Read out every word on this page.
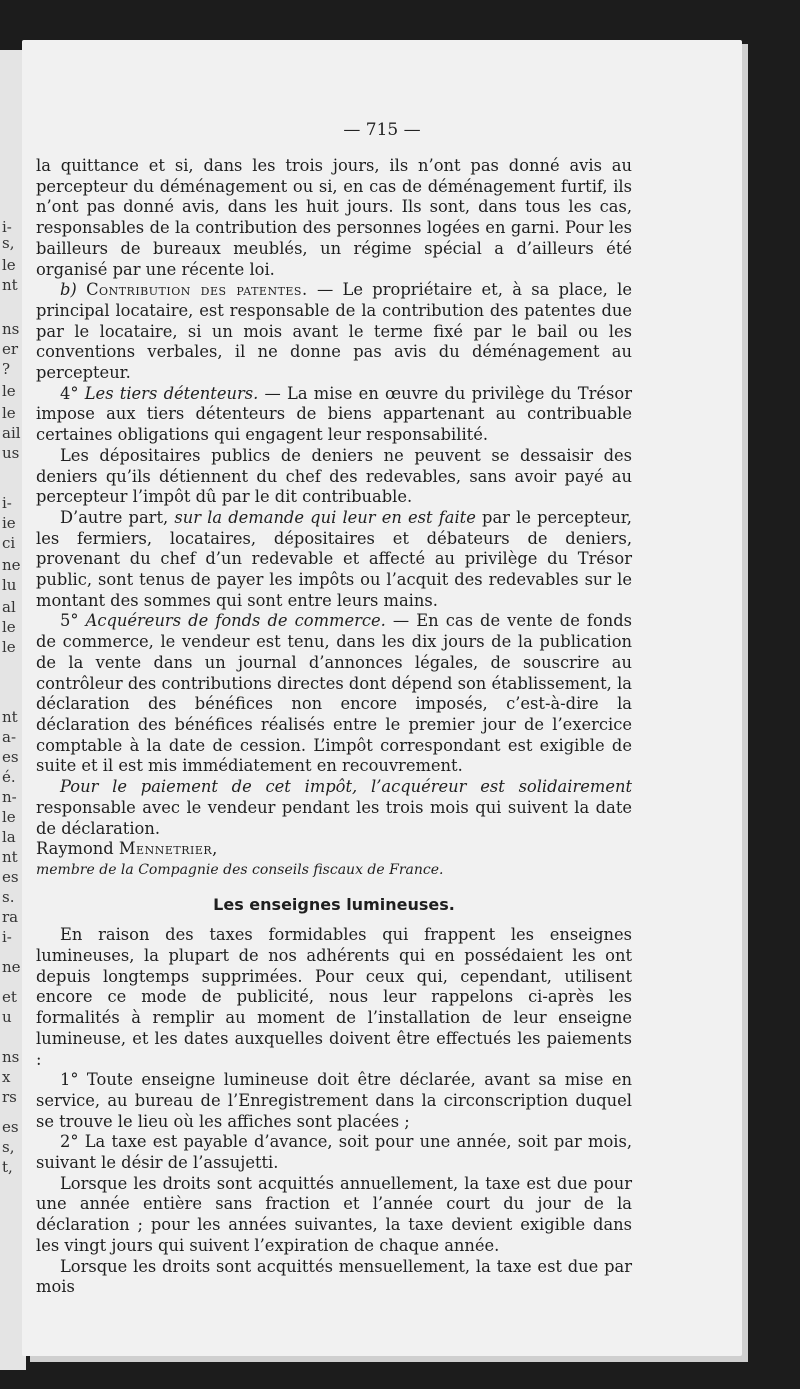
i-
s,
le
nt
ns
er
?
le
le
ail
us
i-
ie
ci
ne
lu
al
le
le
nt
a-
es
é.
n-
le
la
nt
es
s.
ra
i-
ne
et
u
ns
x
rs
es
s,
t,
— 715 —

la quittance et si, dans les trois jours, ils n’ont pas donné avis au percepteur du déménagement ou si, en cas de déménagement furtif, ils n’ont pas donné avis, dans les huit jours. Ils sont, dans tous les cas, responsables de la contribution des personnes logées en garni. Pour les bailleurs de bureaux meublés, un régime spécial a d’ailleurs été organisé par une récente loi.

b) Contribution des patentes. — Le propriétaire et, à sa place, le principal locataire, est responsable de la contribution des patentes due par le locataire, si un mois avant le terme fixé par le bail ou les conventions verbales, il ne donne pas avis du déménagement au percepteur.

4° Les tiers détenteurs. — La mise en œuvre du privilège du Trésor impose aux tiers détenteurs de biens appartenant au contribuable certaines obligations qui engagent leur responsabilité.

Les dépositaires publics de deniers ne peuvent se dessaisir des deniers qu’ils détiennent du chef des redevables, sans avoir payé au percepteur l’impôt dû par le dit contribuable.

D’autre part, sur la demande qui leur en est faite par le percepteur, les fermiers, locataires, dépositaires et débateurs de deniers, provenant du chef d’un redevable et affecté au privilège du Trésor public, sont tenus de payer les impôts ou l’acquit des redevables sur le montant des sommes qui sont entre leurs mains.

5° Acquéreurs de fonds de commerce. — En cas de vente de fonds de commerce, le vendeur est tenu, dans les dix jours de la publication de la vente dans un journal d’annonces légales, de souscrire au contrôleur des contributions directes dont dépend son établissement, la déclaration des bénéfices non encore imposés, c’est-à-dire la déclaration des bénéfices réalisés entre le premier jour de l’exercice comptable à la date de cession. L’impôt correspondant est exigible de suite et il est mis immédiatement en recouvrement.

Pour le paiement de cet impôt, l’acquéreur est solidairement responsable avec le vendeur pendant les trois mois qui suivent la date de déclaration.

Raymond Mennetrier,

membre de la Compagnie des conseils fiscaux de France.

Les enseignes lumineuses.

En raison des taxes formidables qui frappent les enseignes lumineuses, la plupart de nos adhérents qui en possédaient les ont depuis longtemps supprimées. Pour ceux qui, cependant, utilisent encore ce mode de publicité, nous leur rappelons ci-après les formalités à remplir au moment de l’installation de leur enseigne lumineuse, et les dates auxquelles doivent être effectués les paiements :

1° Toute enseigne lumineuse doit être déclarée, avant sa mise en service, au bureau de l’Enregistrement dans la circonscription duquel se trouve le lieu où les affiches sont placées ;

2° La taxe est payable d’avance, soit pour une année, soit par mois, suivant le désir de l’assujetti.

Lorsque les droits sont acquittés annuellement, la taxe est due pour une année entière sans fraction et l’année court du jour de la déclaration ; pour les années suivantes, la taxe devient exigible dans les vingt jours qui suivent l’expiration de chaque année.

Lorsque les droits sont acquittés mensuellement, la taxe est due par mois
